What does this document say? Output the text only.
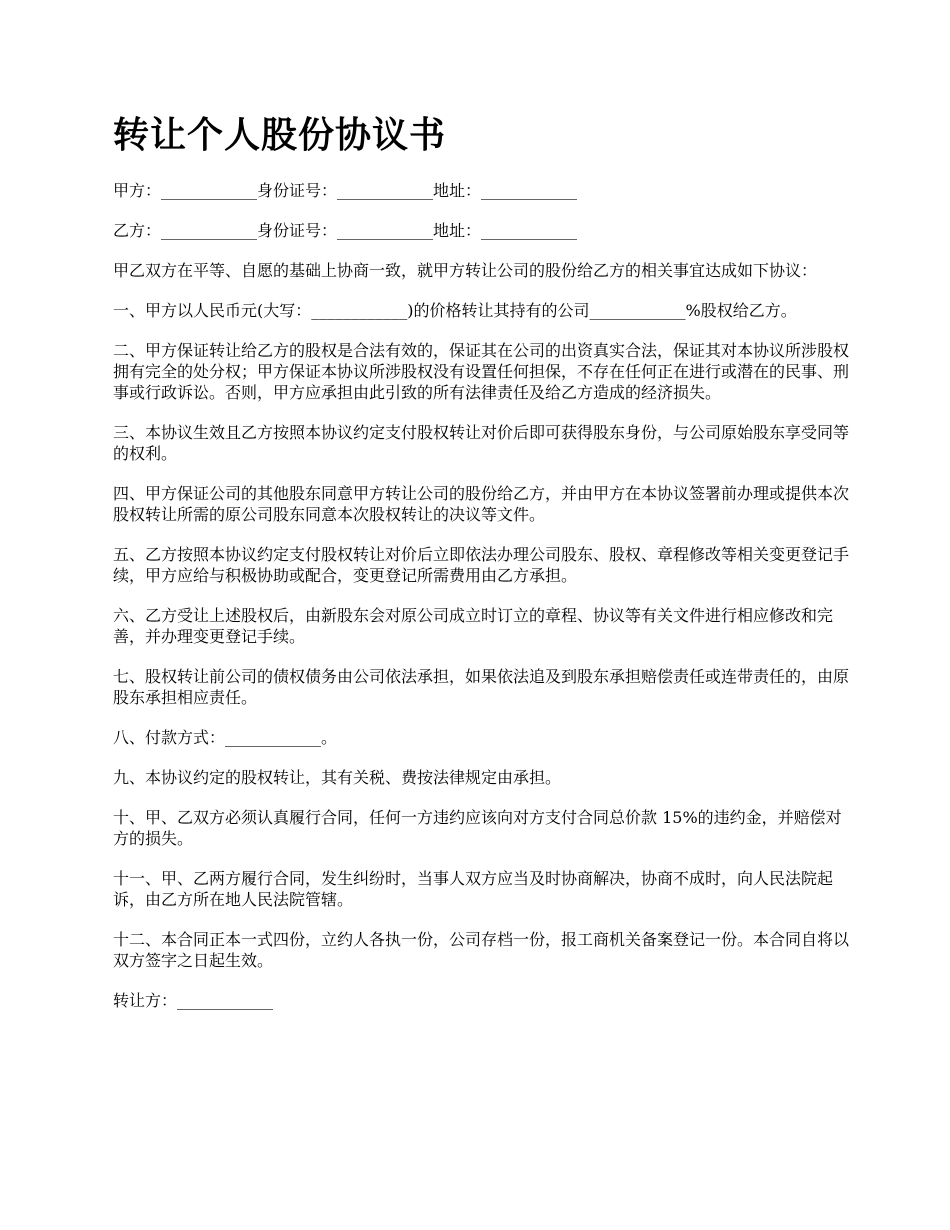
转让个人股份协议书

甲方：____________身份证号：____________地址：____________

乙方：____________身份证号：____________地址：____________

甲乙双方在平等、自愿的基础上协商一致，就甲方转让公司的股份给乙方的相关事宜达成如下协议：

一、甲方以人民币元(大写：____________)的价格转让其持有的公司____________%股权给乙方。

二、甲方保证转让给乙方的股权是合法有效的，保证其在公司的出资真实合法，保证其对本协议所涉股权拥有完全的处分权；甲方保证本协议所涉股权没有设置任何担保，不存在任何正在进行或潜在的民事、刑事或行政诉讼。否则，甲方应承担由此引致的所有法律责任及给乙方造成的经济损失。

三、本协议生效且乙方按照本协议约定支付股权转让对价后即可获得股东身份，与公司原始股东享受同等的权利。

四、甲方保证公司的其他股东同意甲方转让公司的股份给乙方，并由甲方在本协议签署前办理或提供本次股权转让所需的原公司股东同意本次股权转让的决议等文件。

五、乙方按照本协议约定支付股权转让对价后立即依法办理公司股东、股权、章程修改等相关变更登记手续，甲方应给与积极协助或配合，变更登记所需费用由乙方承担。

六、乙方受让上述股权后，由新股东会对原公司成立时订立的章程、协议等有关文件进行相应修改和完善，并办理变更登记手续。

七、股权转让前公司的债权债务由公司依法承担，如果依法追及到股东承担赔偿责任或连带责任的，由原股东承担相应责任。

八、付款方式：____________。

九、本协议约定的股权转让，其有关税、费按法律规定由承担。

十、甲、乙双方必须认真履行合同，任何一方违约应该向对方支付合同总价款 15%的违约金，并赔偿对方的损失。

十一、甲、乙两方履行合同，发生纠纷时，当事人双方应当及时协商解决，协商不成时，向人民法院起诉，由乙方所在地人民法院管辖。

十二、本合同正本一式四份，立约人各执一份，公司存档一份，报工商机关备案登记一份。本合同自将以双方签字之日起生效。

转让方：____________
